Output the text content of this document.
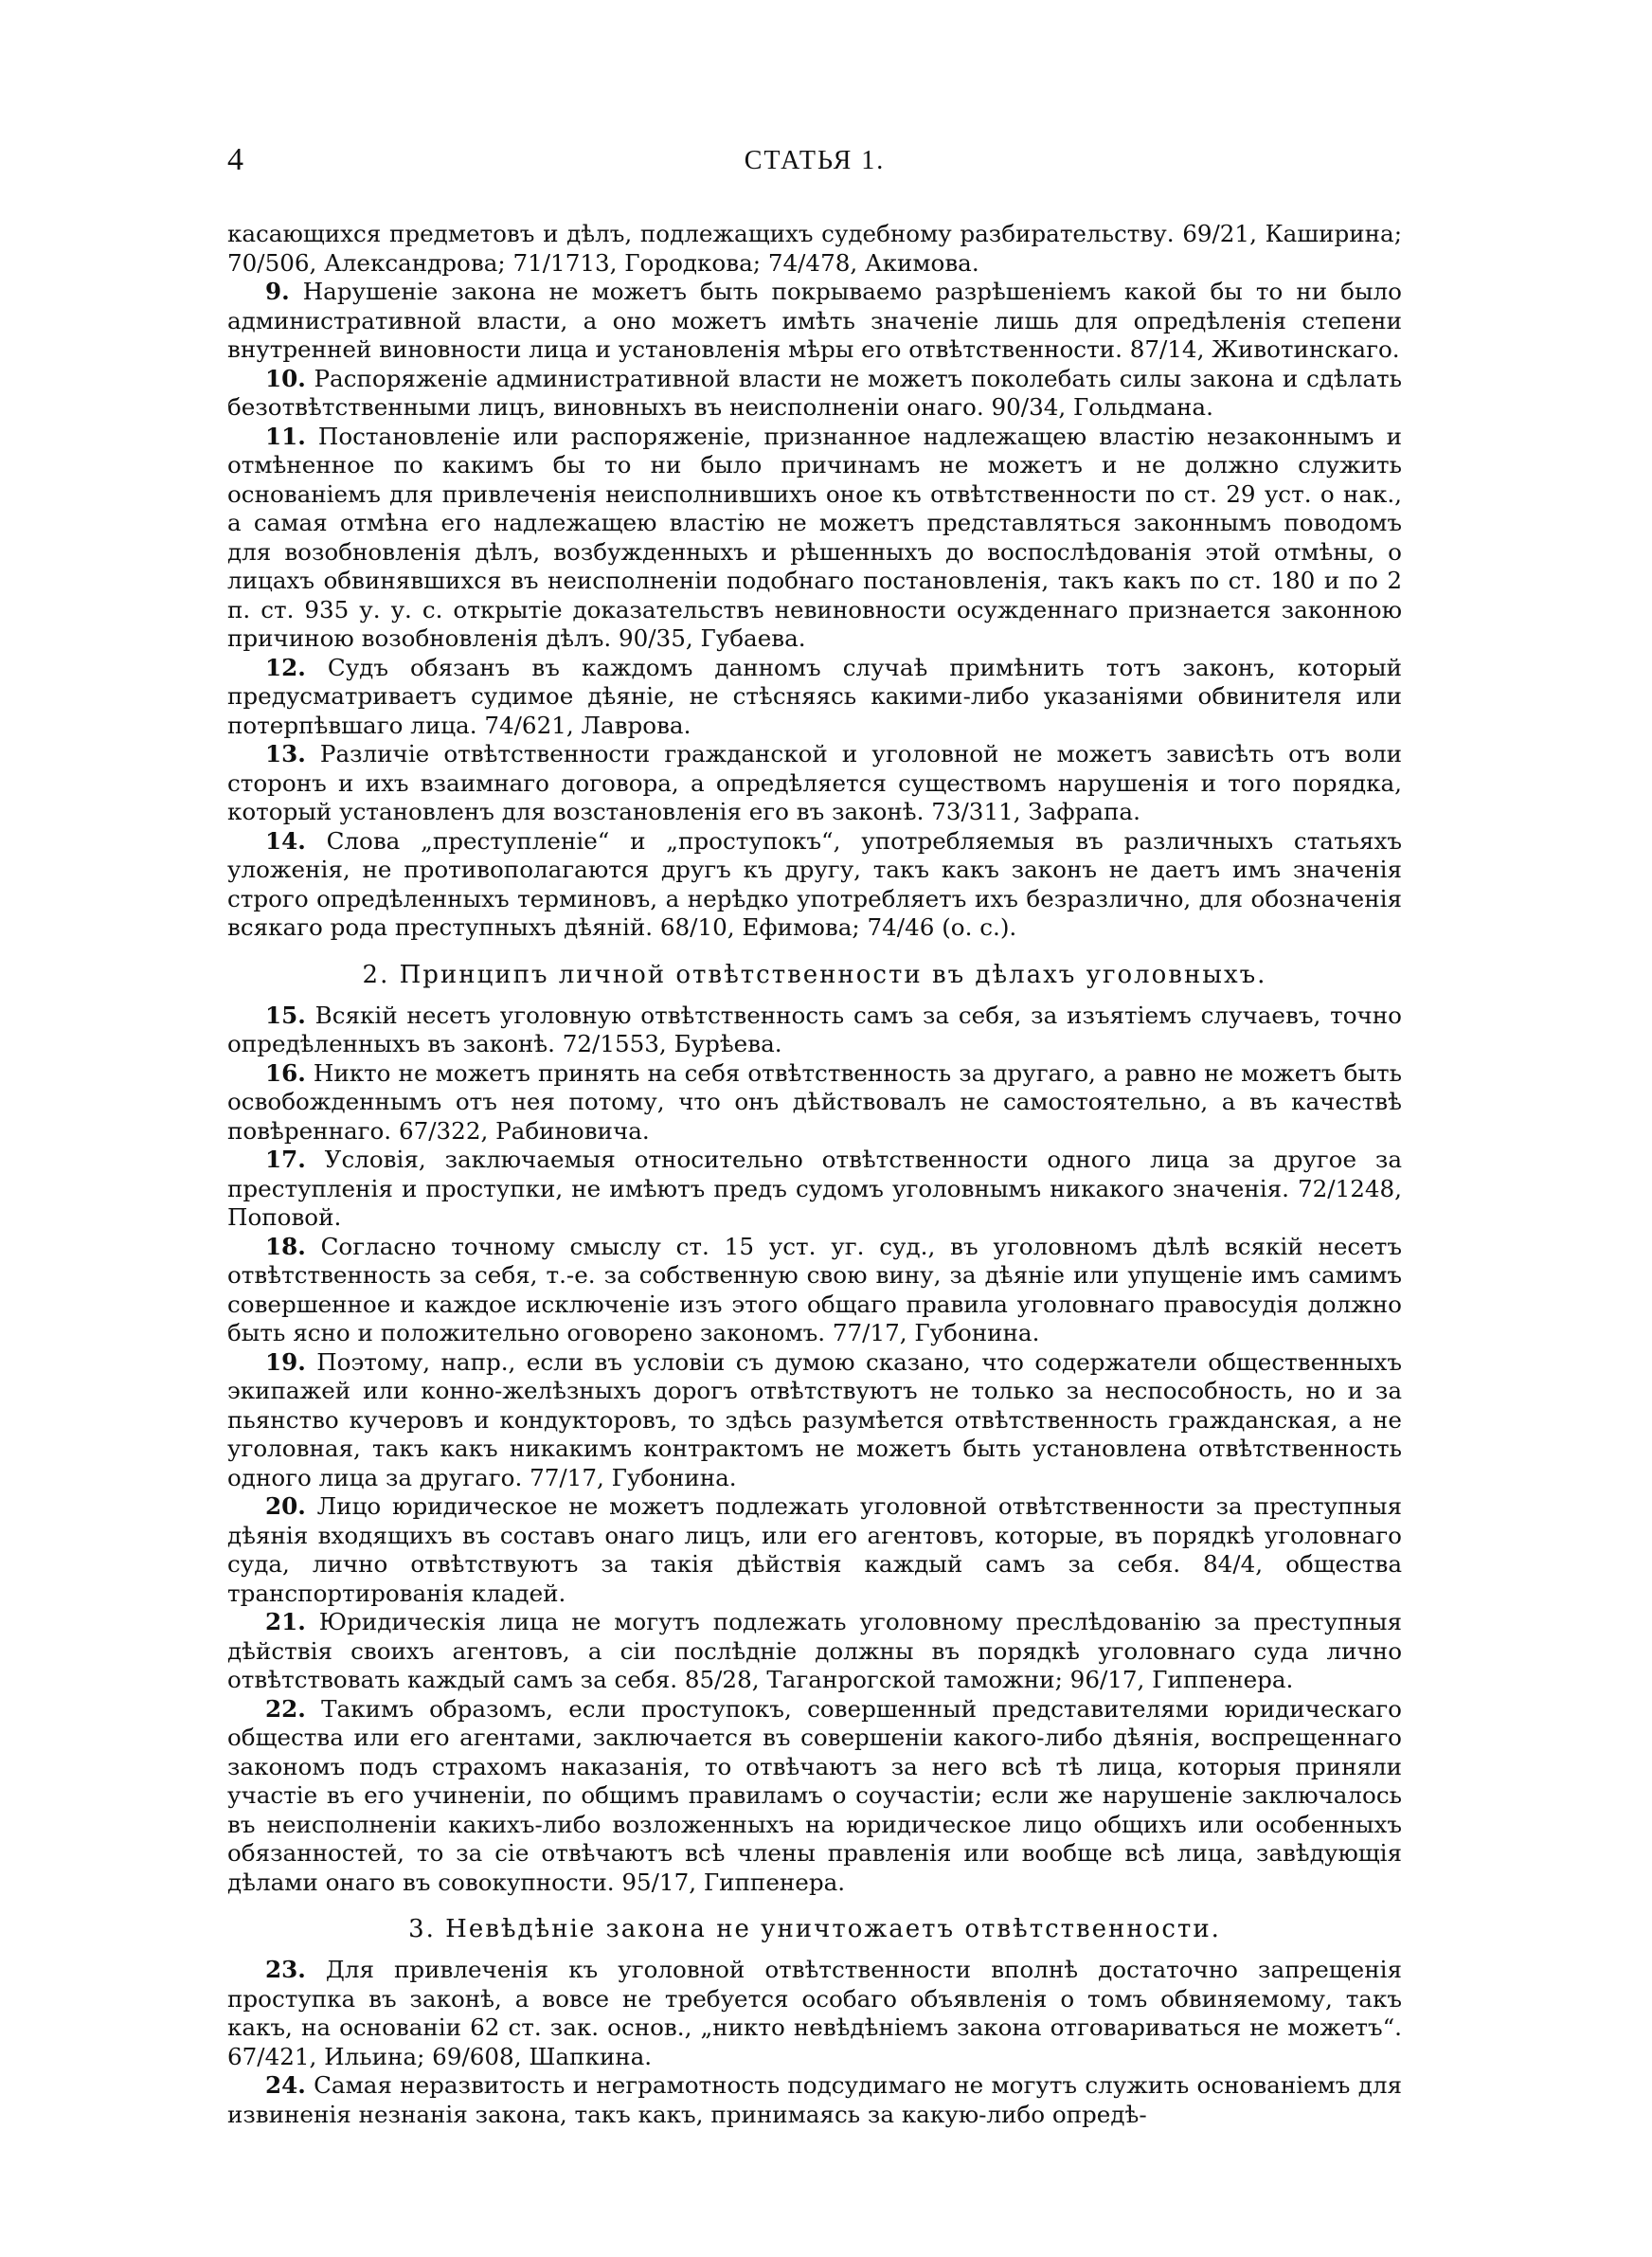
4	СТАТЬЯ 1.

касающихся предметовъ и дѣлъ, подлежащихъ судебному разбирательству. 69/21, Каширина; 70/506, Александрова; 71/1713, Городкова; 74/478, Акимова.

9. Нарушеніе закона не можетъ быть покрываемо разрѣшеніемъ какой бы то ни было административной власти, а оно можетъ имѣть значеніе лишь для опредѣленія степени внутренней виновности лица и установленія мѣры его отвѣтственности. 87/14, Животинскаго.

10. Распоряженіе административной власти не можетъ поколебать силы закона и сдѣлать безотвѣтственными лицъ, виновныхъ въ неисполненіи онаго. 90/34, Гольдмана.

11. Постановленіе или распоряженіе, признанное надлежащею властію незаконнымъ и отмѣненное по какимъ бы то ни было причинамъ не можетъ и не должно служить основаніемъ для привлеченія неисполнившихъ оное къ отвѣтственности по ст. 29 уст. о нак., а самая отмѣна его надлежащею властію не можетъ представляться законнымъ поводомъ для возобновленія дѣлъ, возбужденныхъ и рѣшенныхъ до воспослѣдованія этой отмѣны, о лицахъ обвинявшихся въ неисполненіи подобнаго постановленія, такъ какъ по ст. 180 и по 2 п. ст. 935 у. у. с. открытіе доказательствъ невиновности осужденнаго признается законною причиною возобновленія дѣлъ. 90/35, Губаева.

12. Судъ обязанъ въ каждомъ данномъ случаѣ примѣнить тотъ законъ, который предусматриваетъ судимое дѣяніе, не стѣсняясь какими-либо указаніями обвинителя или потерпѣвшаго лица. 74/621, Лаврова.

13. Различіе отвѣтственности гражданской и уголовной не можетъ зависѣть отъ воли сторонъ и ихъ взаимнаго договора, а опредѣляется существомъ нарушенія и того порядка, который установленъ для возстановленія его въ законѣ. 73/311, Зафрапа.

14. Слова „преступленіе“ и „проступокъ“, употребляемыя въ различныхъ статьяхъ уложенія, не противополагаются другъ къ другу, такъ какъ законъ не даетъ имъ значенія строго опредѣленныхъ терминовъ, а нерѣдко употребляетъ ихъ безразлично, для обозначенія всякаго рода преступныхъ дѣяній. 68/10, Ефимова; 74/46 (о. с.).

2. Принципъ личной отвѣтственности въ дѣлахъ уголовныхъ.

15. Всякій несетъ уголовную отвѣтственность самъ за себя, за изъятіемъ случаевъ, точно опредѣленныхъ въ законѣ. 72/1553, Бурѣева.

16. Никто не можетъ принять на себя отвѣтственность за другаго, а равно не можетъ быть освобожденнымъ отъ нея потому, что онъ дѣйствовалъ не самостоятельно, а въ качествѣ повѣреннаго. 67/322, Рабиновича.

17. Условія, заключаемыя относительно отвѣтственности одного лица за другое за преступленія и проступки, не имѣютъ предъ судомъ уголовнымъ никакого значенія. 72/1248, Поповой.

18. Согласно точному смыслу ст. 15 уст. уг. суд., въ уголовномъ дѣлѣ всякій несетъ отвѣтственность за себя, т.-е. за собственную свою вину, за дѣяніе или упущеніе имъ самимъ совершенное и каждое исключеніе изъ этого общаго правила уголовнаго правосудія должно быть ясно и положительно оговорено закономъ. 77/17, Губонина.

19. Поэтому, напр., если въ условіи съ думою сказано, что содержатели общественныхъ экипажей или конно-желѣзныхъ дорогъ отвѣтствуютъ не только за неспособность, но и за пьянство кучеровъ и кондукторовъ, то здѣсь разумѣется отвѣтственность гражданская, а не уголовная, такъ какъ никакимъ контрактомъ не можетъ быть установлена отвѣтственность одного лица за другаго. 77/17, Губонина.

20. Лицо юридическое не можетъ подлежать уголовной отвѣтственности за преступныя дѣянія входящихъ въ составъ онаго лицъ, или его агентовъ, которые, въ порядкѣ уголовнаго суда, лично отвѣтствуютъ за такія дѣйствія каждый самъ за себя. 84/4, общества транспортированія кладей.

21. Юридическія лица не могутъ подлежать уголовному преслѣдованію за преступныя дѣйствія своихъ агентовъ, а сіи послѣдніе должны въ порядкѣ уголовнаго суда лично отвѣтствовать каждый самъ за себя. 85/28, Таганрогской таможни; 96/17, Гиппенера.

22. Такимъ образомъ, если проступокъ, совершенный представителями юридическаго общества или его агентами, заключается въ совершеніи какого-либо дѣянія, воспрещеннаго закономъ подъ страхомъ наказанія, то отвѣчаютъ за него всѣ тѣ лица, которыя приняли участіе въ его учиненіи, по общимъ правиламъ о соучастіи; если же нарушеніе заключалось въ неисполненіи какихъ-либо возложенныхъ на юридическое лицо общихъ или особенныхъ обязанностей, то за сіе отвѣчаютъ всѣ члены правленія или вообще всѣ лица, завѣдующія дѣлами онаго въ совокупности. 95/17, Гиппенера.

3. Невѣдѣніе закона не уничтожаетъ отвѣтственности.

23. Для привлеченія къ уголовной отвѣтственности вполнѣ достаточно запрещенія проступка въ законѣ, а вовсе не требуется особаго объявленія о томъ обвиняемому, такъ какъ, на основаніи 62 ст. зак. основ., „никто невѣдѣніемъ закона отговариваться не можетъ“. 67/421, Ильина; 69/608, Шапкина.

24. Самая неразвитость и неграмотность подсудимаго не могутъ служить основаніемъ для извиненія незнанія закона, такъ какъ, принимаясь за какую-либо опредѣ-
